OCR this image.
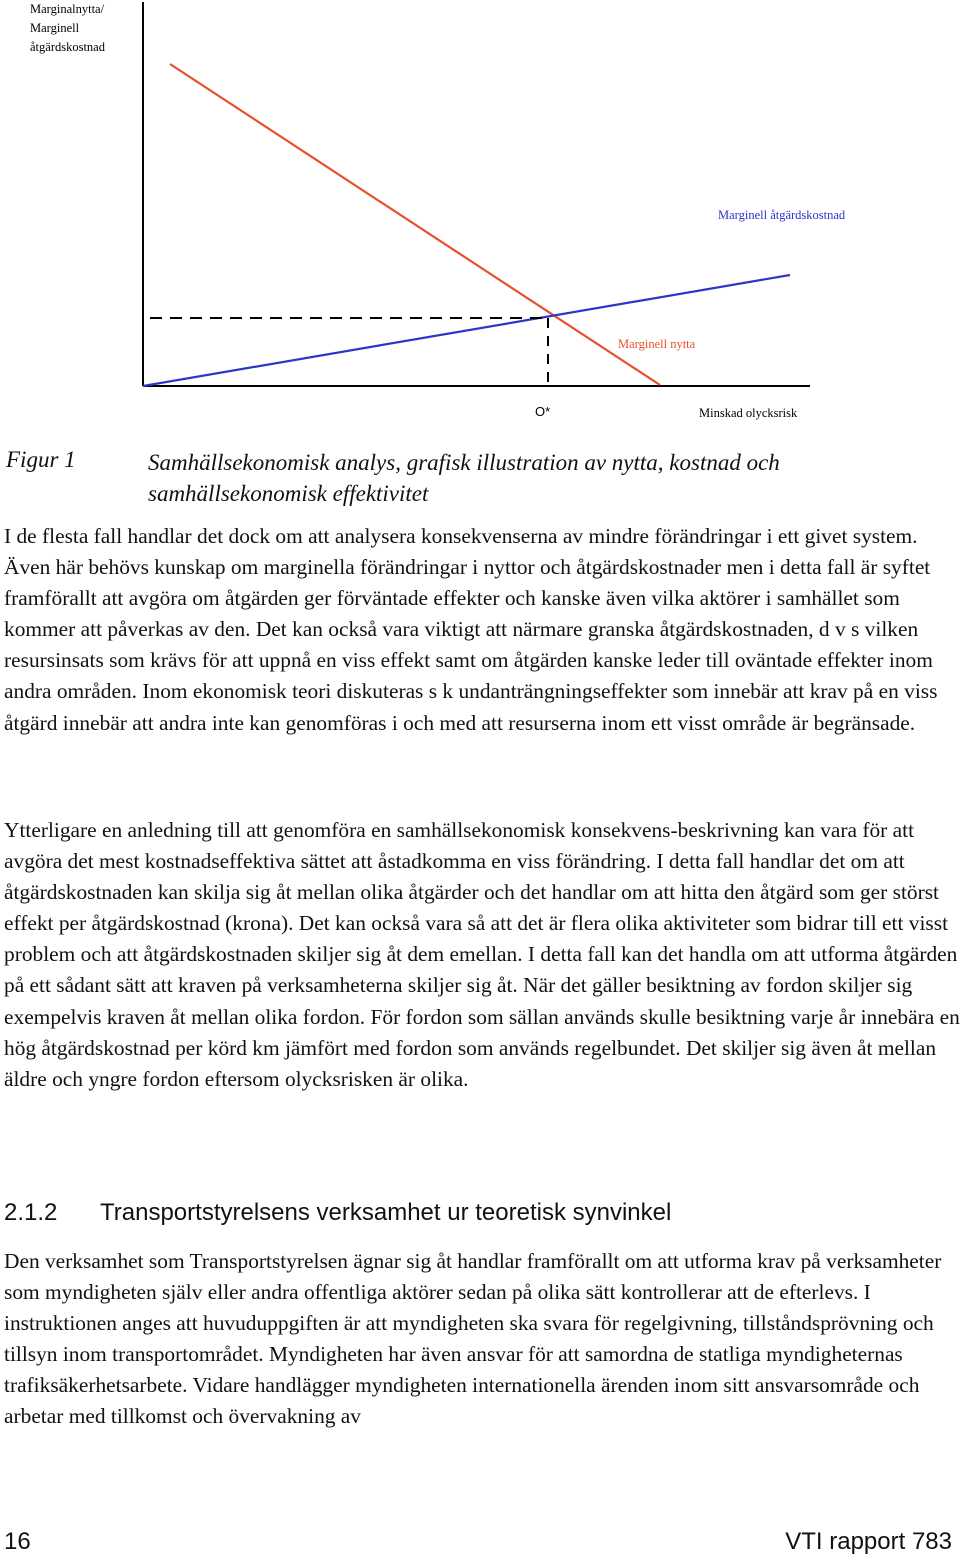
Marginell åtgärdskostnad
Marginell nytta
O*	Minskad olycksrisk
Marginalnytta/
Marginell
åtgärdskostnad
Figur 1	Samhällsekonomisk analys, grafisk illustration av nytta, kostnad och samhällsekonomisk effektivitet

I de flesta fall handlar det dock om att analysera konsekvenserna av mindre förändringar i ett givet system. Även här behövs kunskap om marginella förändringar i nyttor och åtgärdskostnader men i detta fall är syftet framförallt att avgöra om åtgärden ger förväntade effekter och kanske även vilka aktörer i samhället som kommer att påverkas av den. Det kan också vara viktigt att närmare granska åtgärdskostnaden, d v s vilken resursinsats som krävs för att uppnå en viss effekt samt om åtgärden kanske leder till oväntade effekter inom andra områden. Inom ekonomisk teori diskuteras s k undanträngningseffekter som innebär att krav på en viss åtgärd innebär att andra inte kan genomföras i och med att resurserna inom ett visst område är begränsade.

Ytterligare en anledning till att genomföra en samhällsekonomisk konsekvens-beskrivning kan vara för att avgöra det mest kostnadseffektiva sättet att åstadkomma en viss förändring. I detta fall handlar det om att åtgärdskostnaden kan skilja sig åt mellan olika åtgärder och det handlar om att hitta den åtgärd som ger störst effekt per åtgärdskostnad (krona). Det kan också vara så att det är flera olika aktiviteter som bidrar till ett visst problem och att åtgärdskostnaden skiljer sig åt dem emellan. I detta fall kan det handla om att utforma åtgärden på ett sådant sätt att kraven på verksamheterna skiljer sig åt. När det gäller besiktning av fordon skiljer sig exempelvis kraven åt mellan olika fordon. För fordon som sällan används skulle besiktning varje år innebära en hög åtgärdskostnad per körd km jämfört med fordon som används regelbundet. Det skiljer sig även åt mellan äldre och yngre fordon eftersom olycksrisken är olika.

2.1.2 Transportstyrelsens verksamhet ur teoretisk synvinkel

Den verksamhet som Transportstyrelsen ägnar sig åt handlar framförallt om att utforma krav på verksamheter som myndigheten själv eller andra offentliga aktörer sedan på olika sätt kontrollerar att de efterlevs. I instruktionen anges att huvuduppgiften är att myndigheten ska svara för regelgivning, tillståndsprövning och tillsyn inom transportområdet. Myndigheten har även ansvar för att samordna de statliga myndigheternas trafiksäkerhetsarbete. Vidare handlägger myndigheten internationella ärenden inom sitt ansvarsområde och arbetar med tillkomst och övervakning av

16	VTI rapport 783
